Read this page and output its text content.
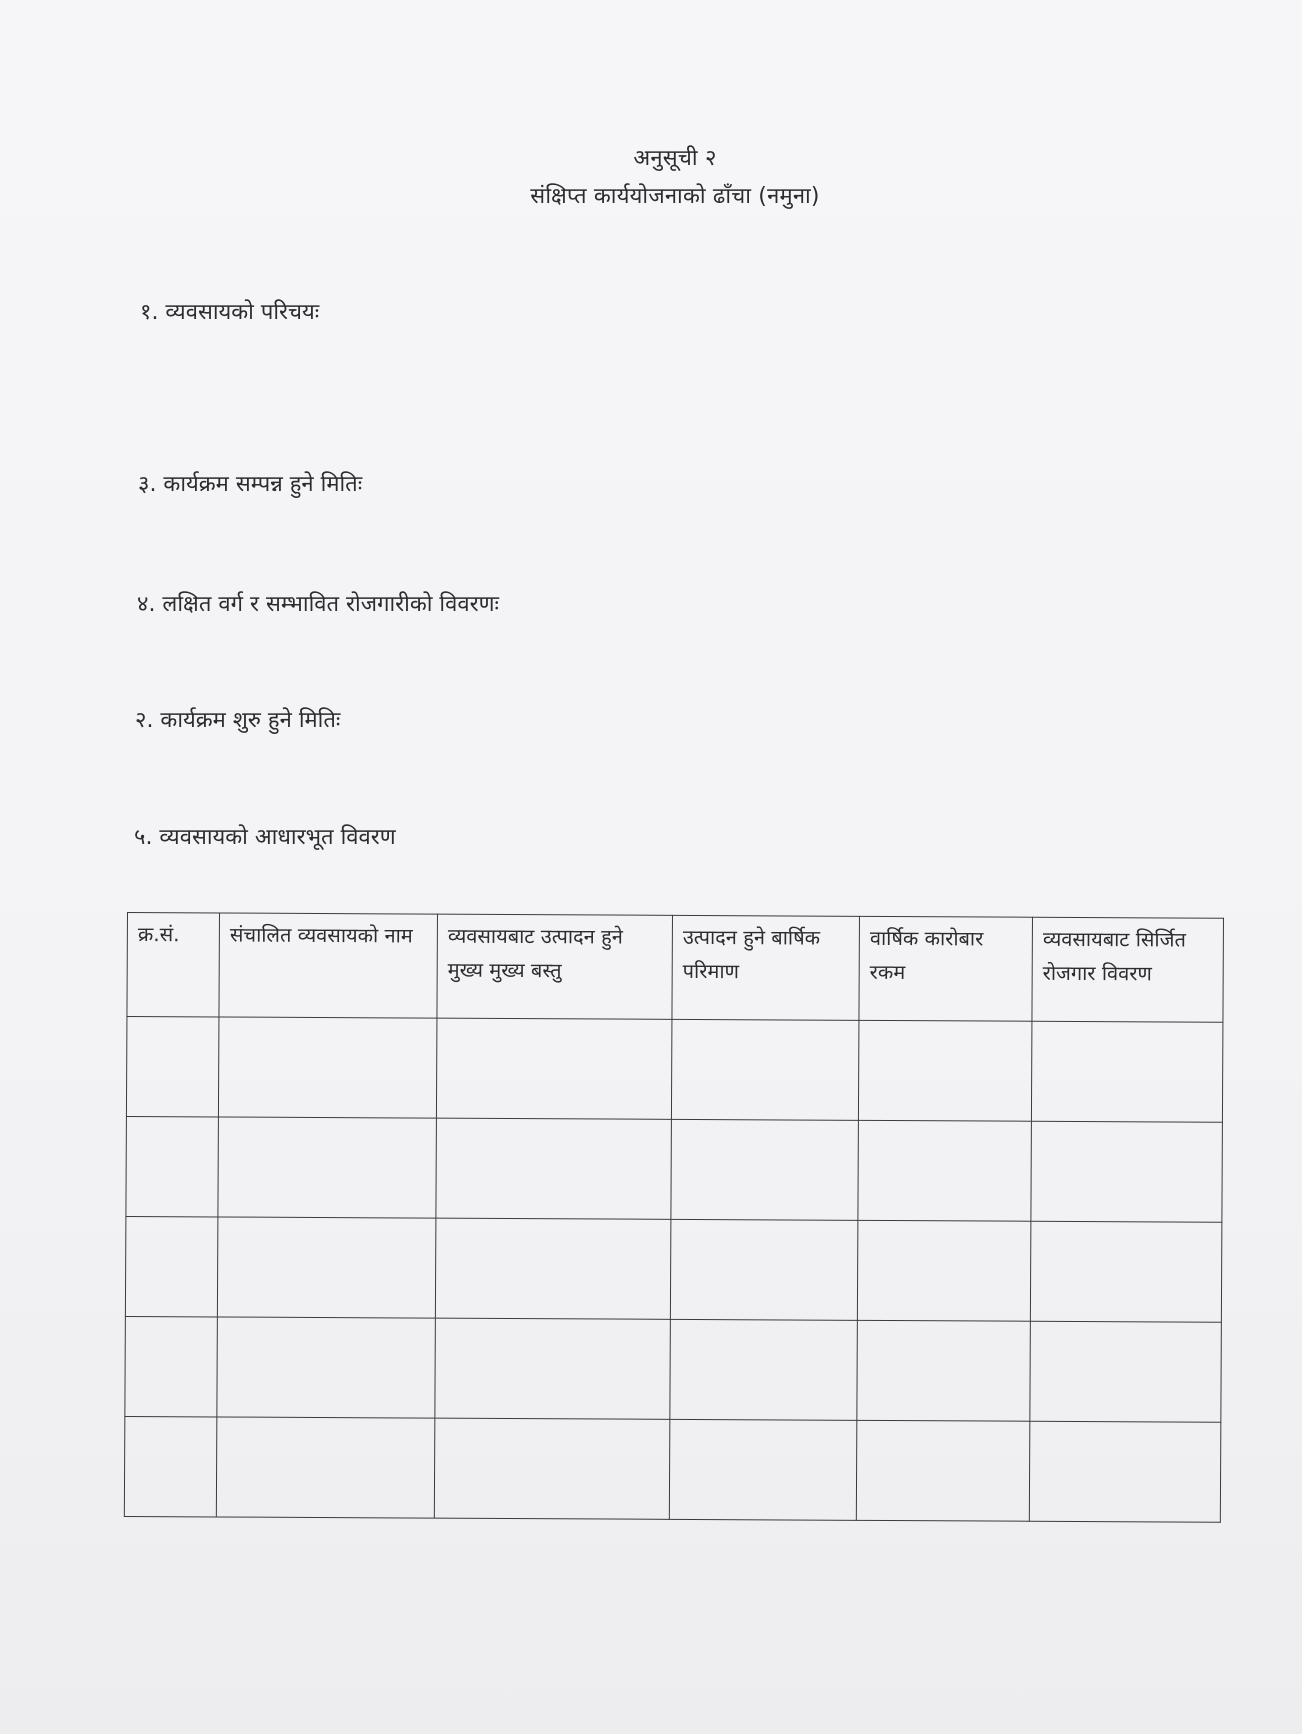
अनुसूची २
संक्षिप्त कार्ययोजनाको ढाँचा (नमुना)
१. व्यवसायको परिचयः
३. कार्यक्रम सम्पन्न हुने मितिः
४. लक्षित वर्ग र सम्भावित रोजगारीको विवरणः
२. कार्यक्रम शुरु हुने मितिः
५. व्यवसायको आधारभूत विवरण
क्र.सं.	संचालित व्यवसायको नाम	व्यवसायबाट उत्पादन हुने मुख्य मुख्य बस्तु	उत्पादन हुने बार्षिक परिमाण	वार्षिक कारोबार रकम	व्यवसायबाट सिर्जित रोजगार विवरण
